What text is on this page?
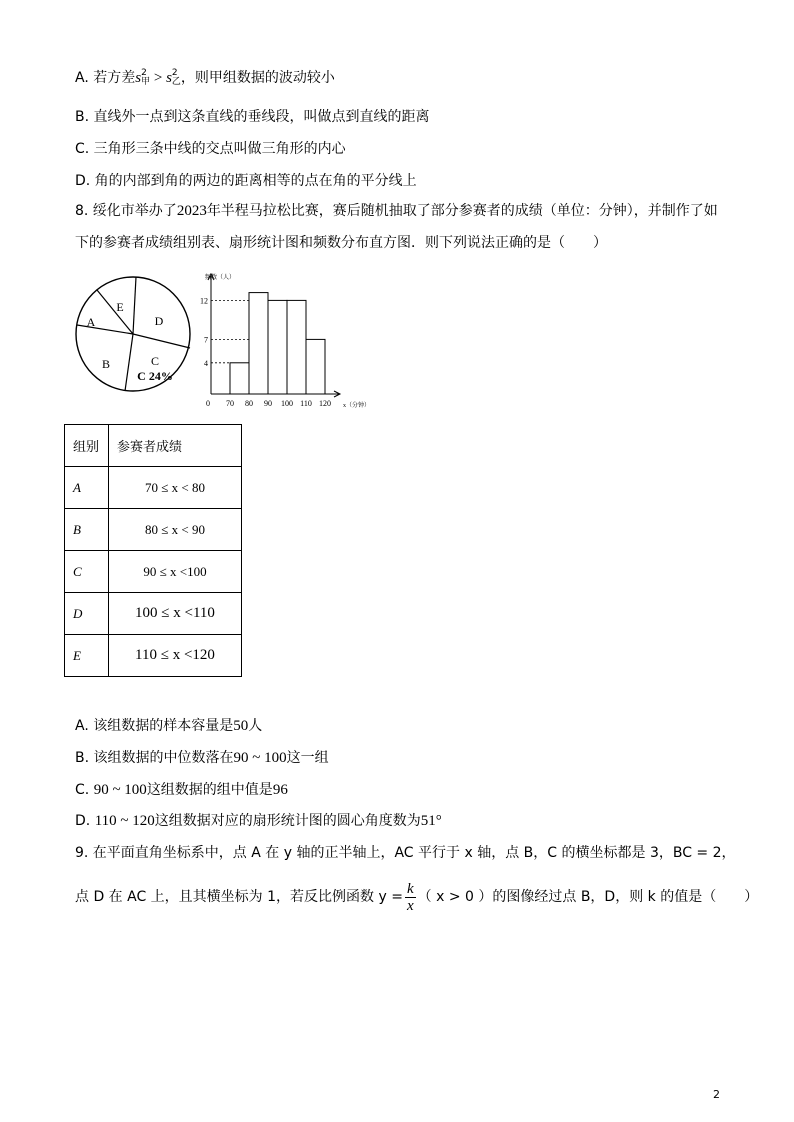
A. 若方差s 2
甲 > s 2
乙 ，则甲组数据的波动较小
B. 直线外一点到这条直线的垂线段，叫做点到直线的距离
C. 三角形三条中线的交点叫做三角形的内心
D. 角的内部到角的两边的距离相等的点在角的平分线上
8. 绥化市举办了2023年半程马拉松比赛，赛后随机抽取了部分参赛者的成绩（单位：分钟），并制作了如
下的参赛者成绩组别表、扇形统计图和频数分布直方图．则下列说法正确的是（　　）
A
E
D
B	C
C 24%
频数（人）
4
7
12
0 70 80 90 100 110 120 x（分钟）
组别	参赛者成绩
A	70 ≤ x < 80
B	80 ≤ x < 90
C	90 ≤ x <100
D	100 ≤ x <110
E	110 ≤ x <120
A. 该组数据的样本容量是50人
B. 该组数据的中位数落在90 ~ 100这一组
C. 90 ~ 100这组数据的组中值是96
D. 110 ~ 120这组数据对应的扇形统计图的圆心角度数为51°
9. 在平面直角坐标系中，点 A 在 y 轴的正半轴上，AC 平行于 x 轴，点 B，C 的横坐标都是 3，BC = 2，
点 D 在 AC 上，且其横坐标为 1，若反比例函数 $y = \frac{k}{x}$ （ x > 0 ）的图像经过点 B，D，则 k 的值是（　　）
2
